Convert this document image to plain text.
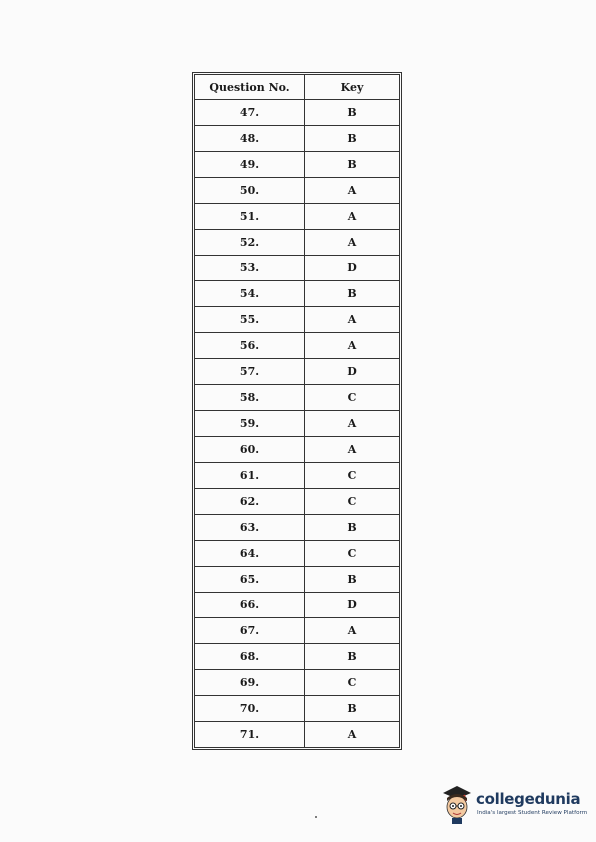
Question No.	Key
47.	B
48.	B
49.	B
50.	A
51.	A
52.	A
53.	D
54.	B
55.	A
56.	A
57.	D
58.	C
59.	A
60.	A
61.	C
62.	C
63.	B
64.	C
65.	B
66.	D
67.	A
68.	B
69.	C
70.	B
71.	A
collegedunia
India's largest Student Review Platform
